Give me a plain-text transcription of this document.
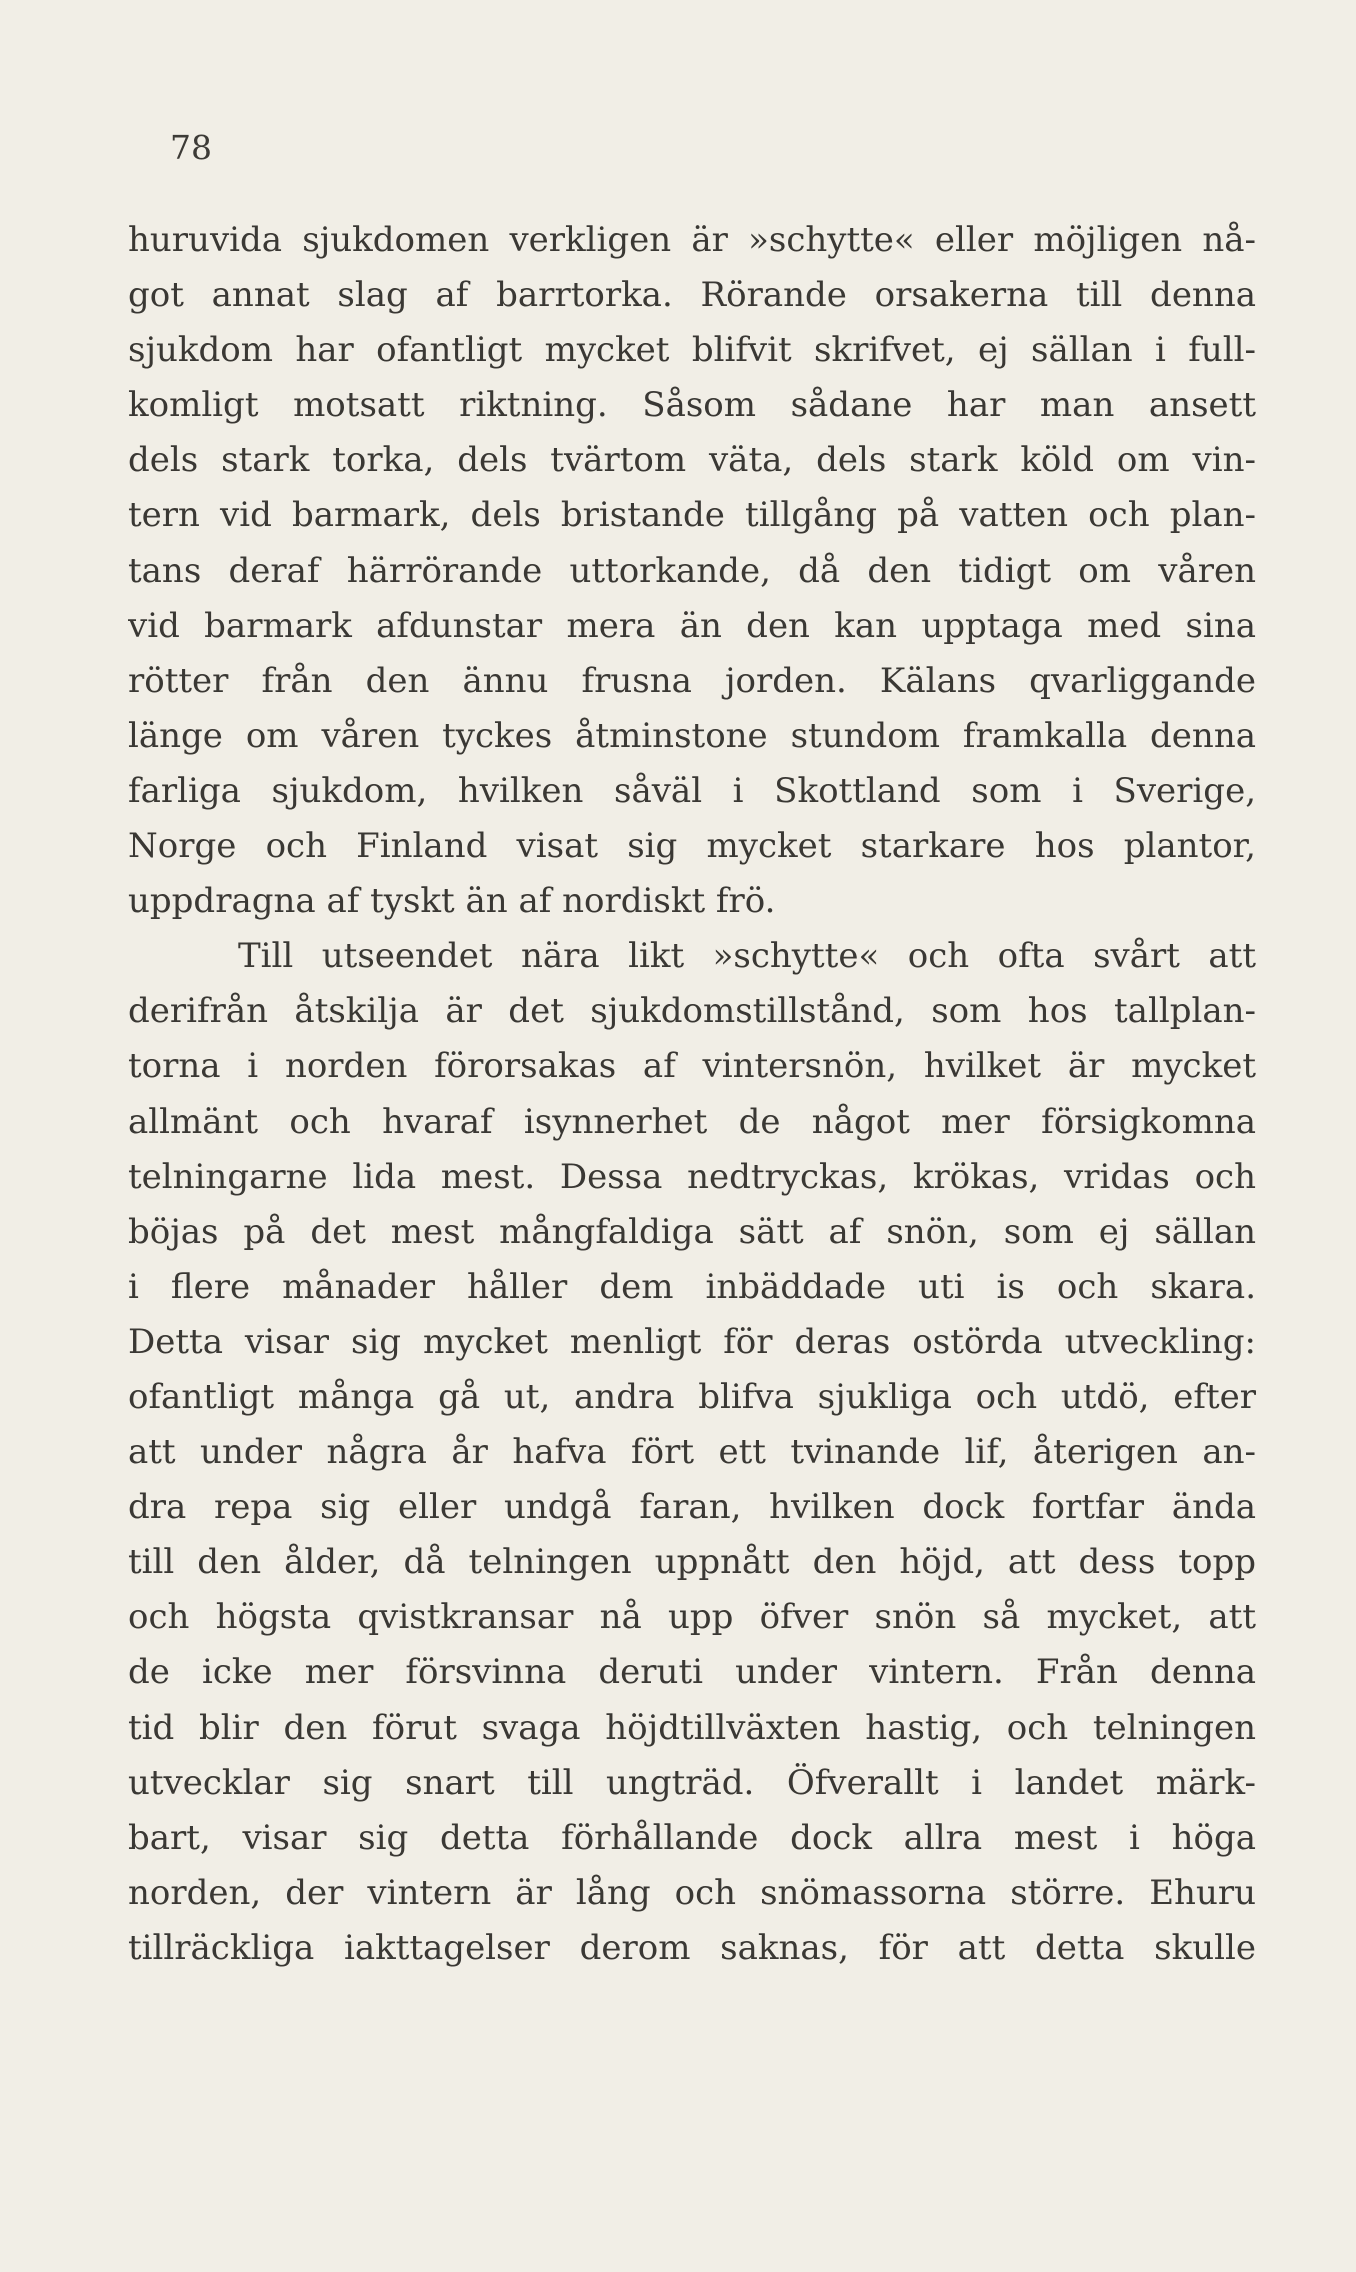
78
huruvida sjukdomen verkligen är »schytte« eller möjligen nå-
got annat slag af barrtorka. Rörande orsakerna till denna
sjukdom har ofantligt mycket blifvit skrifvet, ej sällan i full-
komligt motsatt riktning. Såsom sådane har man ansett
dels stark torka, dels tvärtom väta, dels stark köld om vin-
tern vid barmark, dels bristande tillgång på vatten och plan-
tans deraf härrörande uttorkande, då den tidigt om våren
vid barmark afdunstar mera än den kan upptaga med sina
rötter från den ännu frusna jorden. Kälans qvarliggande
länge om våren tyckes åtminstone stundom framkalla denna
farliga sjukdom, hvilken såväl i Skottland som i Sverige,
Norge och Finland visat sig mycket starkare hos plantor,
uppdragna af tyskt än af nordiskt frö.
Till utseendet nära likt »schytte« och ofta svårt att
derifrån åtskilja är det sjukdomstillstånd, som hos tallplan-
torna i norden förorsakas af vintersnön, hvilket är mycket
allmänt och hvaraf isynnerhet de något mer försigkomna
telningarne lida mest. Dessa nedtryckas, krökas, vridas och
böjas på det mest mångfaldiga sätt af snön, som ej sällan
i flere månader håller dem inbäddade uti is och skara.
Detta visar sig mycket menligt för deras ostörda utveckling:
ofantligt många gå ut, andra blifva sjukliga och utdö, efter
att under några år hafva fört ett tvinande lif, återigen an-
dra repa sig eller undgå faran, hvilken dock fortfar ända
till den ålder, då telningen uppnått den höjd, att dess topp
och högsta qvistkransar nå upp öfver snön så mycket, att
de icke mer försvinna deruti under vintern. Från denna
tid blir den förut svaga höjdtillväxten hastig, och telningen
utvecklar sig snart till ungträd. Öfverallt i landet märk-
bart, visar sig detta förhållande dock allra mest i höga
norden, der vintern är lång och snömassorna större. Ehuru
tillräckliga iakttagelser derom saknas, för att detta skulle
